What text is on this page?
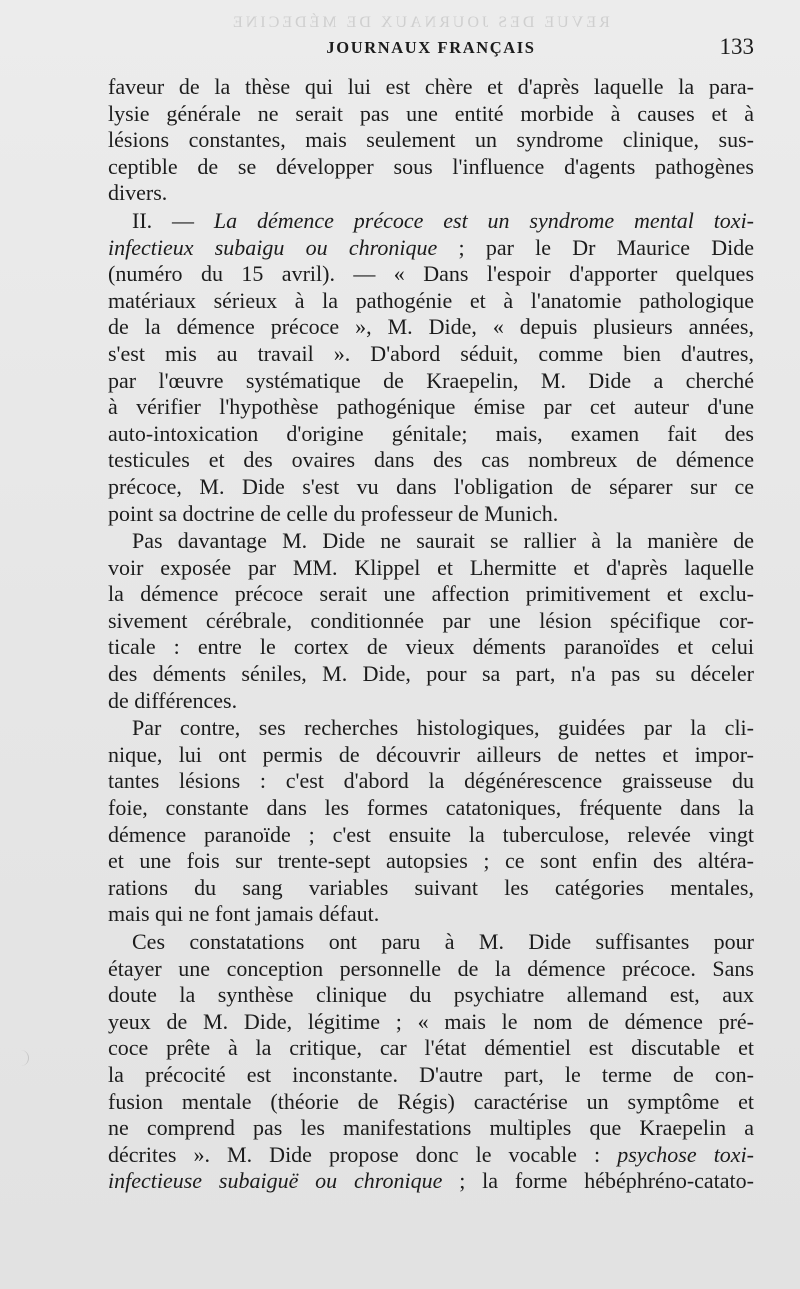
REVUE DES JOURNAUX DE MÉDECINE
JOURNAUX FRANÇAIS	133
faveur de la thèse qui lui est chère et d'après laquelle la para-
lysie générale ne serait pas une entité morbide à causes et à
lésions constantes, mais seulement un syndrome clinique, sus-
ceptible de se développer sous l'influence d'agents pathogènes
divers.
II. — La démence précoce est un syndrome mental toxi-
infectieux subaigu ou chronique ; par le Dr Maurice Dide
(numéro du 15 avril). — « Dans l'espoir d'apporter quelques
matériaux sérieux à la pathogénie et à l'anatomie pathologique
de la démence précoce », M. Dide, « depuis plusieurs années,
s'est mis au travail ». D'abord séduit, comme bien d'autres,
par l'œuvre systématique de Kraepelin, M. Dide a cherché
à vérifier l'hypothèse pathogénique émise par cet auteur d'une
auto-intoxication d'origine génitale; mais, examen fait des
testicules et des ovaires dans des cas nombreux de démence
précoce, M. Dide s'est vu dans l'obligation de séparer sur ce
point sa doctrine de celle du professeur de Munich.
Pas davantage M. Dide ne saurait se rallier à la manière de
voir exposée par MM. Klippel et Lhermitte et d'après laquelle
la démence précoce serait une affection primitivement et exclu-
sivement cérébrale, conditionnée par une lésion spécifique cor-
ticale : entre le cortex de vieux déments paranoïdes et celui
des déments séniles, M. Dide, pour sa part, n'a pas su déceler
de différences.
Par contre, ses recherches histologiques, guidées par la cli-
nique, lui ont permis de découvrir ailleurs de nettes et impor-
tantes lésions : c'est d'abord la dégénérescence graisseuse du
foie, constante dans les formes catatoniques, fréquente dans la
démence paranoïde ; c'est ensuite la tuberculose, relevée vingt
et une fois sur trente-sept autopsies ; ce sont enfin des altéra-
rations du sang variables suivant les catégories mentales,
mais qui ne font jamais défaut.
Ces constatations ont paru à M. Dide suffisantes pour
étayer une conception personnelle de la démence précoce. Sans
doute la synthèse clinique du psychiatre allemand est, aux
yeux de M. Dide, légitime ; « mais le nom de démence pré-
coce prête à la critique, car l'état démentiel est discutable et
la précocité est inconstante. D'autre part, le terme de con-
fusion mentale (théorie de Régis) caractérise un symptôme et
ne comprend pas les manifestations multiples que Kraepelin a
décrites ». M. Dide propose donc le vocable : psychose toxi-
infectieuse subaiguë ou chronique ; la forme hébéphréno-catato-
